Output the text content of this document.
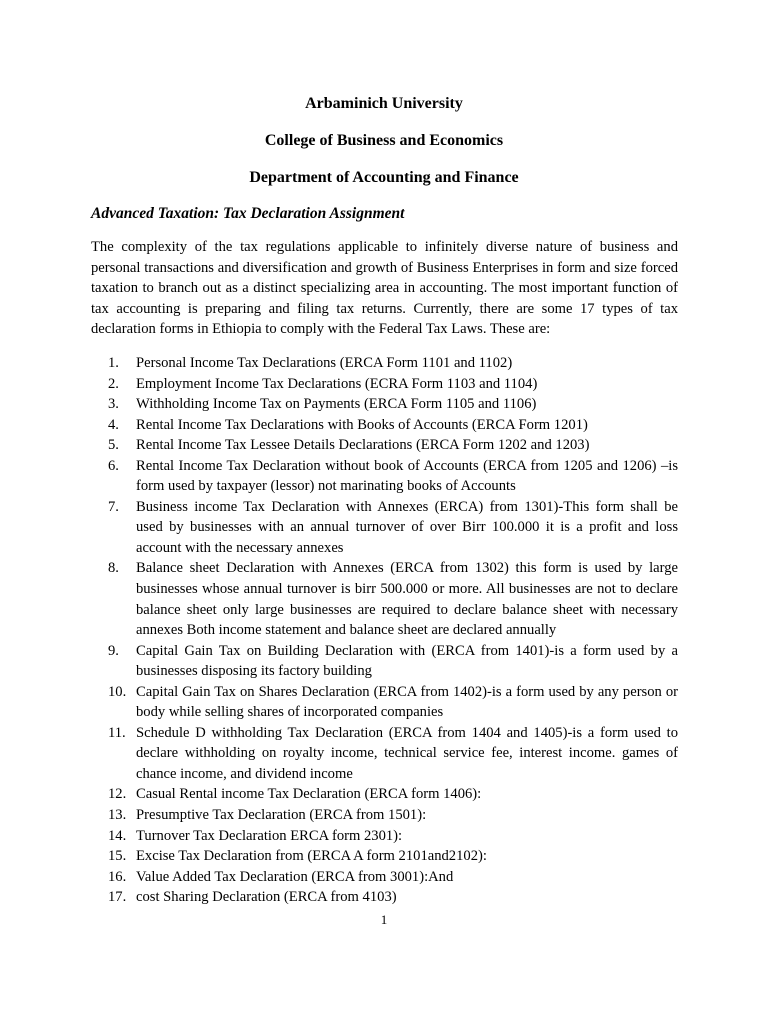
Arbaminich University
College of Business and Economics
Department of Accounting and Finance
Advanced Taxation: Tax Declaration Assignment

The complexity of the tax regulations applicable to infinitely diverse nature of business and personal transactions and diversification and growth of Business Enterprises in form and size forced taxation to branch out as a distinct specializing area in accounting. The most important function of tax accounting is preparing and filing tax returns. Currently, there are some 17 types of tax declaration forms in Ethiopia to comply with the Federal Tax Laws. These are:

1.	Personal Income Tax Declarations (ERCA Form 1101 and 1102)
2.	Employment Income Tax Declarations (ECRA Form 1103 and 1104)
3.	Withholding Income Tax on Payments (ERCA Form 1105 and 1106)
4.	Rental Income Tax Declarations with Books of Accounts (ERCA Form 1201)
5.	Rental Income Tax Lessee Details Declarations (ERCA Form 1202 and 1203)
6.	Rental Income Tax Declaration without book of Accounts (ERCA from 1205 and 1206) –is form used by taxpayer (lessor) not marinating books of Accounts
7.	Business income Tax Declaration with Annexes (ERCA) from 1301)-This form shall be used by businesses with an annual turnover of over Birr 100.000 it is a profit and loss account with the necessary annexes
8.	Balance sheet Declaration with Annexes (ERCA from 1302) this form is used by large businesses whose annual turnover is birr 500.000 or more. All businesses are not to declare balance sheet only large businesses are required to declare balance sheet with necessary annexes Both income statement and balance sheet are declared annually
9.	Capital Gain Tax on Building Declaration with (ERCA from 1401)-is a form used by a businesses disposing its factory building
10. Capital Gain Tax on Shares Declaration (ERCA from 1402)-is a form used by any person or body while selling shares of incorporated companies
11. Schedule D withholding Tax Declaration (ERCA from 1404 and 1405)-is a form used to declare withholding on royalty income, technical service fee, interest income. games of chance income, and dividend income
12. Casual Rental income Tax Declaration (ERCA form 1406):
13. Presumptive Tax Declaration (ERCA from 1501):
14. Turnover Tax Declaration ERCA form 2301):
15. Excise Tax Declaration from (ERCA A form 2101and2102):
16. Value Added Tax Declaration (ERCA from 3001):And
17. cost Sharing Declaration (ERCA from 4103)
1
